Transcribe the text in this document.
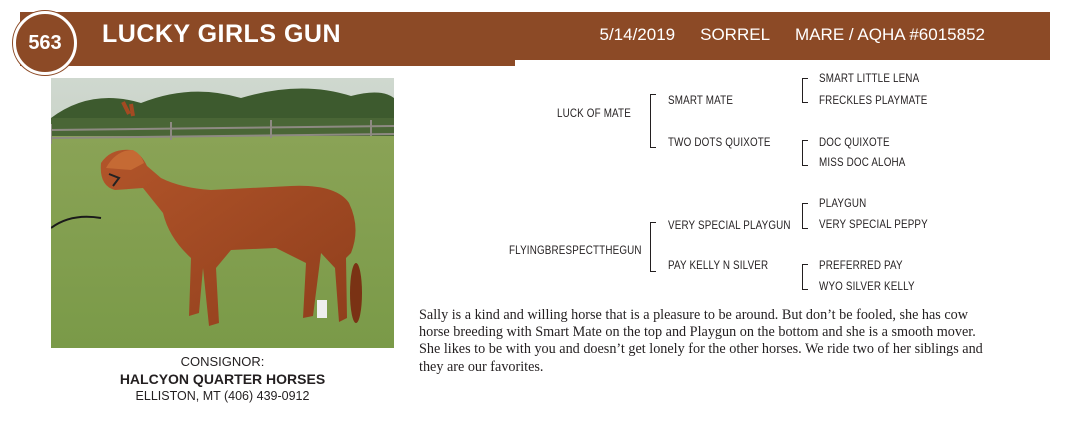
563	LUCKY GIRLS GUN	5/14/2019 SORREL MARE / AQHA #6015852
CONSIGNOR:
HALCYON QUARTER HORSES
ELLISTON, MT (406) 439-0912
LUCK OF MATE
SMART MATE
TWO DOTS QUIXOTE
SMART LITTLE LENA
FRECKLES PLAYMATE
DOC QUIXOTE
MISS DOC ALOHA
FLYINGBRESPECTTHEGUN
VERY SPECIAL PLAYGUN
PAY KELLY N SILVER
PLAYGUN
VERY SPECIAL PEPPY
PREFERRED PAY
WYO SILVER KELLY
Sally is a kind and willing horse that is a pleasure to be around. But don’t be fooled, she has cow horse breeding with Smart Mate on the top and Playgun on the bottom and she is a smooth mover. She likes to be with you and doesn’t get lonely for the other horses. We ride two of her siblings and they are our favorites.
